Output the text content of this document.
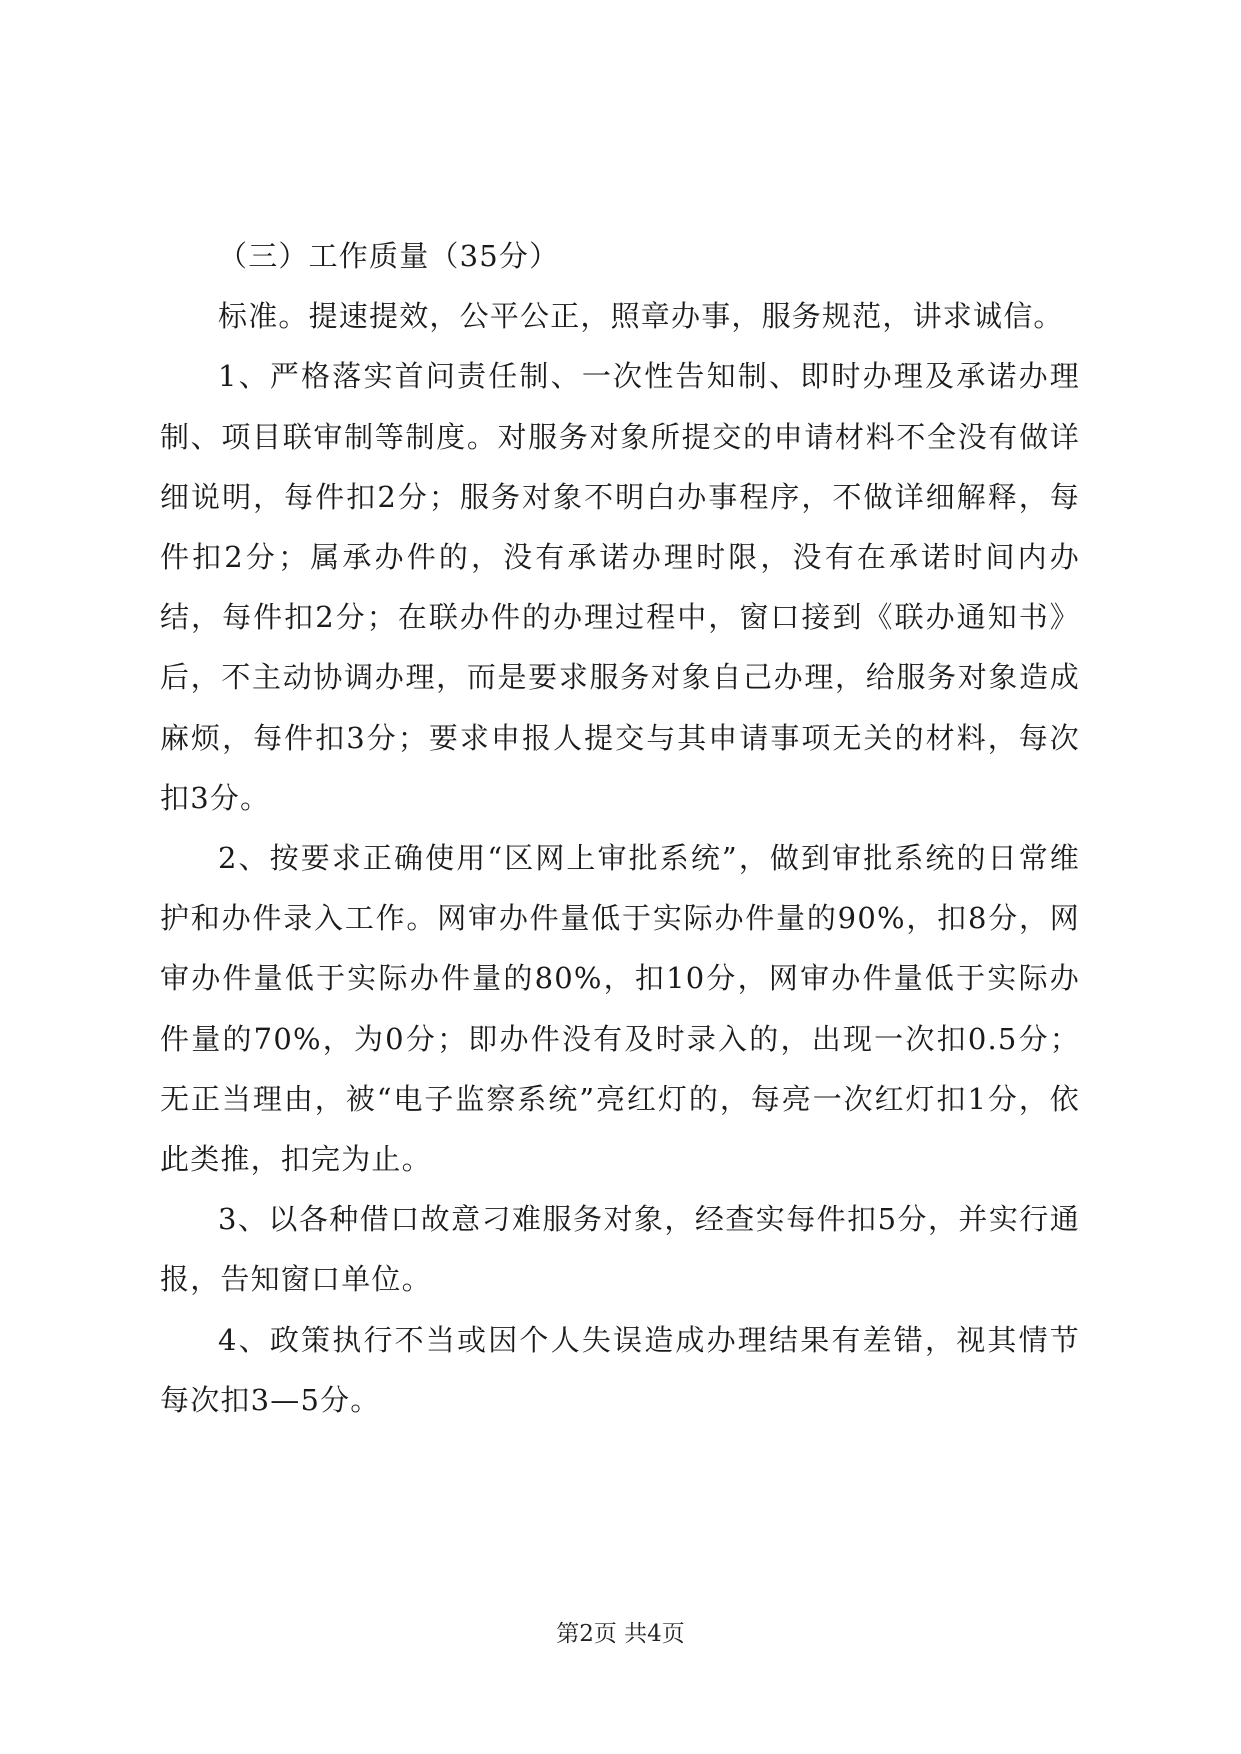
（三）工作质量（35分）

标准。提速提效，公平公正，照章办事，服务规范，讲求诚信。

1、严格落实首问责任制、一次性告知制、即时办理及承诺办理制、项目联审制等制度。对服务对象所提交的申请材料不全没有做详细说明，每件扣2分；服务对象不明白办事程序，不做详细解释，每件扣2分；属承办件的，没有承诺办理时限，没有在承诺时间内办结，每件扣2分；在联办件的办理过程中，窗口接到《联办通知书》后，不主动协调办理，而是要求服务对象自己办理，给服务对象造成麻烦，每件扣3分；要求申报人提交与其申请事项无关的材料，每次扣3分。

2、按要求正确使用“区网上审批系统”，做到审批系统的日常维护和办件录入工作。网审办件量低于实际办件量的90%，扣8分，网审办件量低于实际办件量的80%，扣10分，网审办件量低于实际办件量的70%，为0分；即办件没有及时录入的，出现一次扣0.5分；无正当理由，被“电子监察系统”亮红灯的，每亮一次红灯扣1分，依此类推，扣完为止。

3、以各种借口故意刁难服务对象，经查实每件扣5分，并实行通报，告知窗口单位。

4、政策执行不当或因个人失误造成办理结果有差错，视其情节每次扣3—5分。

第2页 共4页
